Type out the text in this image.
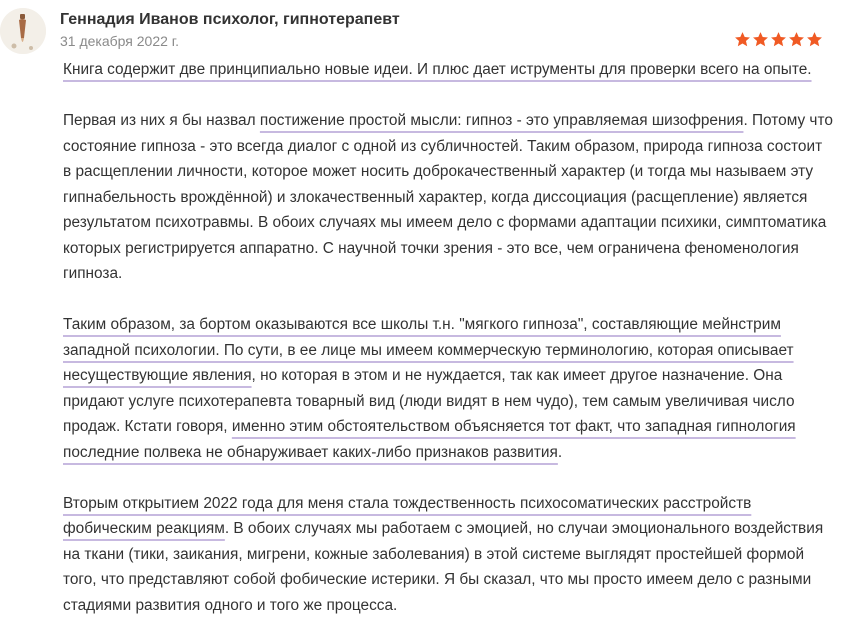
Геннадия Иванов психолог, гипнотерапевт
31 декабря 2022 г.

Книга содержит две принципиально новые идеи. И плюс дает иструменты для проверки всего на опыте.

Первая из них я бы назвал постижение простой мысли: гипноз - это управляемая шизофрения. Потому что состояние гипноза - это всегда диалог с одной из субличностей. Таким образом, природа гипноза состоит в расщеплении личности, которое может носить доброкачественный характер (и тогда мы называем эту гипнабельность врождённой) и злокачественный характер, когда диссоциация (расщепление) является результатом психотравмы. В обоих случаях мы имеем дело с формами адаптации психики, симптоматика которых регистрируется аппаратно. С научной точки зрения - это все, чем ограничена феноменология гипноза.

Таким образом, за бортом оказываются все школы т.н. "мягкого гипноза", составляющие мейнстрим западной психологии. По сути, в ее лице мы имеем коммерческую терминологию, которая описывает несуществующие явления, но которая в этом и не нуждается, так как имеет другое назначение. Она придают услуге психотерапевта товарный вид (люди видят в нем чудо), тем самым увеличивая число продаж. Кстати говоря, именно этим обстоятельством объясняется тот факт, что западная гипнология последние полвека не обнаруживает каких-либо признаков развития.

Вторым открытием 2022 года для меня стала тождественность психосоматических расстройств фобическим реакциям. В обоих случаях мы работаем с эмоцией, но случаи эмоционального воздействия на ткани (тики, заикания, мигрени, кожные заболевания) в этой системе выглядят простейшей формой того, что представляют собой фобические истерики. Я бы сказал, что мы просто имеем дело с разными стадиями развития одного и того же процесса.
